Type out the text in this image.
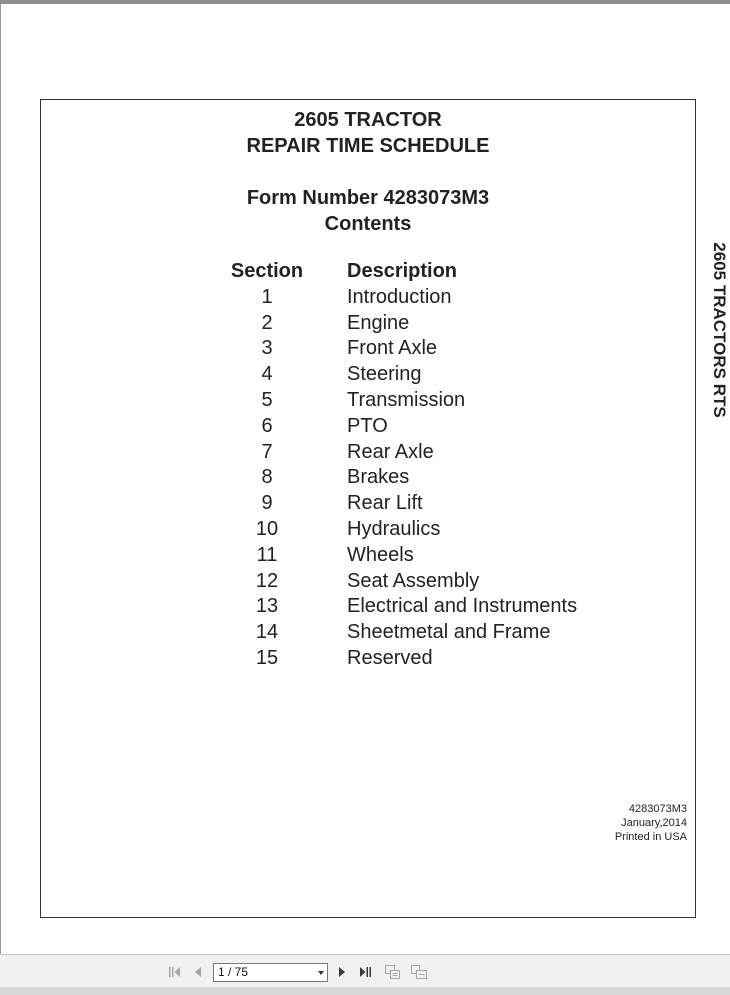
2605 TRACTOR
REPAIR TIME SCHEDULE
Form Number 4283073M3
Contents
Section	Description
1	Introduction
2	Engine
3	Front Axle
4	Steering
5	Transmission
6	PTO
7	Rear Axle
8	Brakes
9	Rear Lift
10	Hydraulics
11	Wheels
12	Seat Assembly
13	Electrical and Instruments
14	Sheetmetal and Frame
15	Reserved
4283073M3
January,2014
Printed in USA
2605 TRACTORS RTS
1 / 75
